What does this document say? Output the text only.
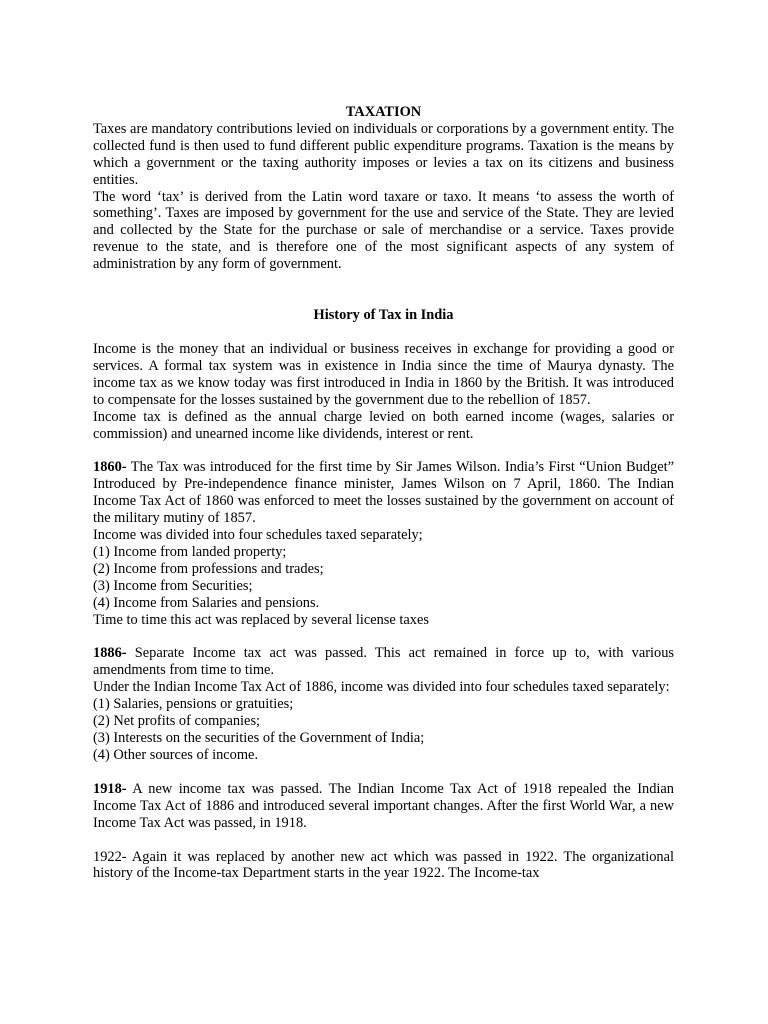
TAXATION

Taxes are mandatory contributions levied on individuals or corporations by a government entity. The collected fund is then used to fund different public expenditure programs. Taxation is the means by which a government or the taxing authority imposes or levies a tax on its citizens and business entities.

The word ‘tax’ is derived from the Latin word taxare or taxo. It means ‘to assess the worth of something’. Taxes are imposed by government for the use and service of the State. They are levied and collected by the State for the purchase or sale of merchandise or a service. Taxes provide revenue to the state, and is therefore one of the most significant aspects of any system of administration by any form of government.

History of Tax in India

Income is the money that an individual or business receives in exchange for providing a good or services. A formal tax system was in existence in India since the time of Maurya dynasty. The income tax as we know today was first introduced in India in 1860 by the British. It was introduced to compensate for the losses sustained by the government due to the rebellion of 1857.

Income tax is defined as the annual charge levied on both earned income (wages, salaries or commission) and unearned income like dividends, interest or rent.

1860- The Tax was introduced for the first time by Sir James Wilson. India’s First “Union Budget” Introduced by Pre-independence finance minister, James Wilson on 7 April, 1860. The Indian Income Tax Act of 1860 was enforced to meet the losses sustained by the government on account of the military mutiny of 1857.

Income was divided into four schedules taxed separately;

(1) Income from landed property;

(2) Income from professions and trades;

(3) Income from Securities;

(4) Income from Salaries and pensions.

Time to time this act was replaced by several license taxes

1886- Separate Income tax act was passed. This act remained in force up to, with various amendments from time to time.

Under the Indian Income Tax Act of 1886, income was divided into four schedules taxed separately:

(1) Salaries, pensions or gratuities;

(2) Net profits of companies;

(3) Interests on the securities of the Government of India;

(4) Other sources of income.

1918- A new income tax was passed. The Indian Income Tax Act of 1918 repealed the Indian Income Tax Act of 1886 and introduced several important changes. After the first World War, a new Income Tax Act was passed, in 1918.

1922- Again it was replaced by another new act which was passed in 1922. The organizational history of the Income-tax Department starts in the year 1922. The Income-tax
